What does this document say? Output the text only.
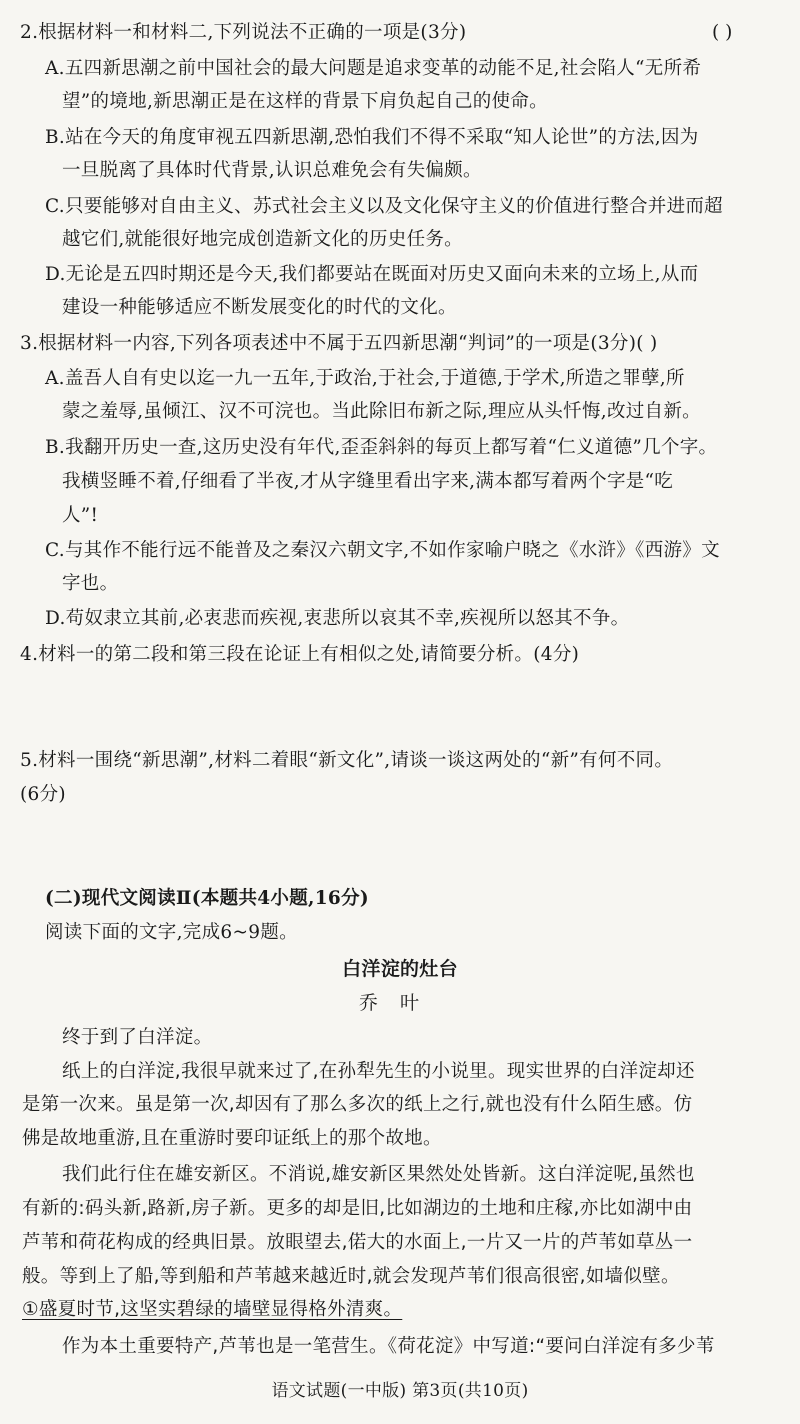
2.根据材料一和材料二,下列说法不正确的一项是(3分)	( )
A.五四新思潮之前中国社会的最大问题是追求变革的动能不足,社会陷人“无所希
望”的境地,新思潮正是在这样的背景下肩负起自己的使命。
B.站在今天的角度审视五四新思潮,恐怕我们不得不采取“知人论世”的方法,因为
一旦脱离了具体时代背景,认识总难免会有失偏颇。
C.只要能够对自由主义、苏式社会主义以及文化保守主义的价值进行整合并进而超
越它们,就能很好地完成创造新文化的历史任务。
D.无论是五四时期还是今天,我们都要站在既面对历史又面向未来的立场上,从而
建设一种能够适应不断发展变化的时代的文化。
3.根据材料一内容,下列各项表述中不属于五四新思潮“判词”的一项是(3分)( )
A.盖吾人自有史以迄一九一五年,于政治,于社会,于道德,于学术,所造之罪孽,所
蒙之羞辱,虽倾江、汉不可浣也。当此除旧布新之际,理应从头忏悔,改过自新。
B.我翻开历史一查,这历史没有年代,歪歪斜斜的每页上都写着“仁义道德”几个字。
我横竖睡不着,仔细看了半夜,才从字缝里看出字来,满本都写着两个字是“吃
人”!
C.与其作不能行远不能普及之秦汉六朝文字,不如作家喻户晓之《水浒》《西游》文
字也。
D.苟奴隶立其前,必衷悲而疾视,衷悲所以哀其不幸,疾视所以怒其不争。
4.材料一的第二段和第三段在论证上有相似之处,请简要分析。(4分)
5.材料一围绕“新思潮”,材料二着眼“新文化”,请谈一谈这两处的“新”有何不同。
(6分)
(二)现代文阅读Ⅱ(本题共4小题,16分)
阅读下面的文字,完成6~9题。
白洋淀的灶台
乔叶
终于到了白洋淀。
纸上的白洋淀,我很早就来过了,在孙犁先生的小说里。现实世界的白洋淀却还
是第一次来。虽是第一次,却因有了那么多次的纸上之行,就也没有什么陌生感。仿
佛是故地重游,且在重游时要印证纸上的那个故地。
我们此行住在雄安新区。不消说,雄安新区果然处处皆新。这白洋淀呢,虽然也
有新的:码头新,路新,房子新。更多的却是旧,比如湖边的土地和庄稼,亦比如湖中由
芦苇和荷花构成的经典旧景。放眼望去,偌大的水面上,一片又一片的芦苇如草丛一
般。等到上了船,等到船和芦苇越来越近时,就会发现芦苇们很高很密,如墙似壁。
①盛夏时节,这坚实碧绿的墙壁显得格外清爽。
作为本土重要特产,芦苇也是一笔营生。《荷花淀》中写道:“要问白洋淀有多少苇
语文试题(一中版) 第3页(共10页)
